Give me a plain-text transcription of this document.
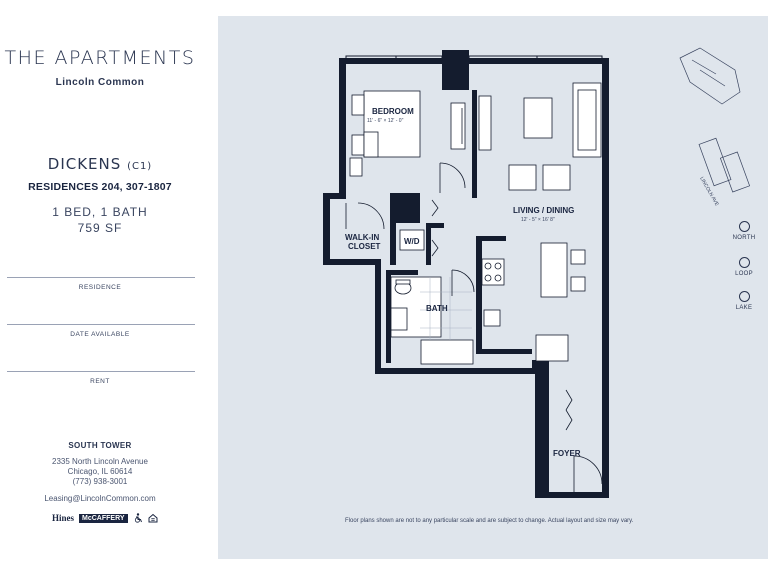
THE APARTMENTS
Lincoln Common
DICKENS (C1)
RESIDENCES 204, 307-1807
1 BED, 1 BATH
759 SF
RESIDENCE
DATE AVAILABLE
RENT
SOUTH TOWER
2335 North Lincoln Avenue
Chicago, IL 60614
(773) 938-3001
Leasing@LincolnCommon.com
Hines	McCAFFERY
BEDROOM
11' - 6" × 12' - 0"
LIVING / DINING
12' - 5" × 16' 8"
WALK-IN
CLOSET
W/D
BATH
FOYER
LINCOLN AVE
NORTH
LOOP
LAKE
Floor plans shown are not to any particular scale and are subject to change. Actual layout and size may vary.
